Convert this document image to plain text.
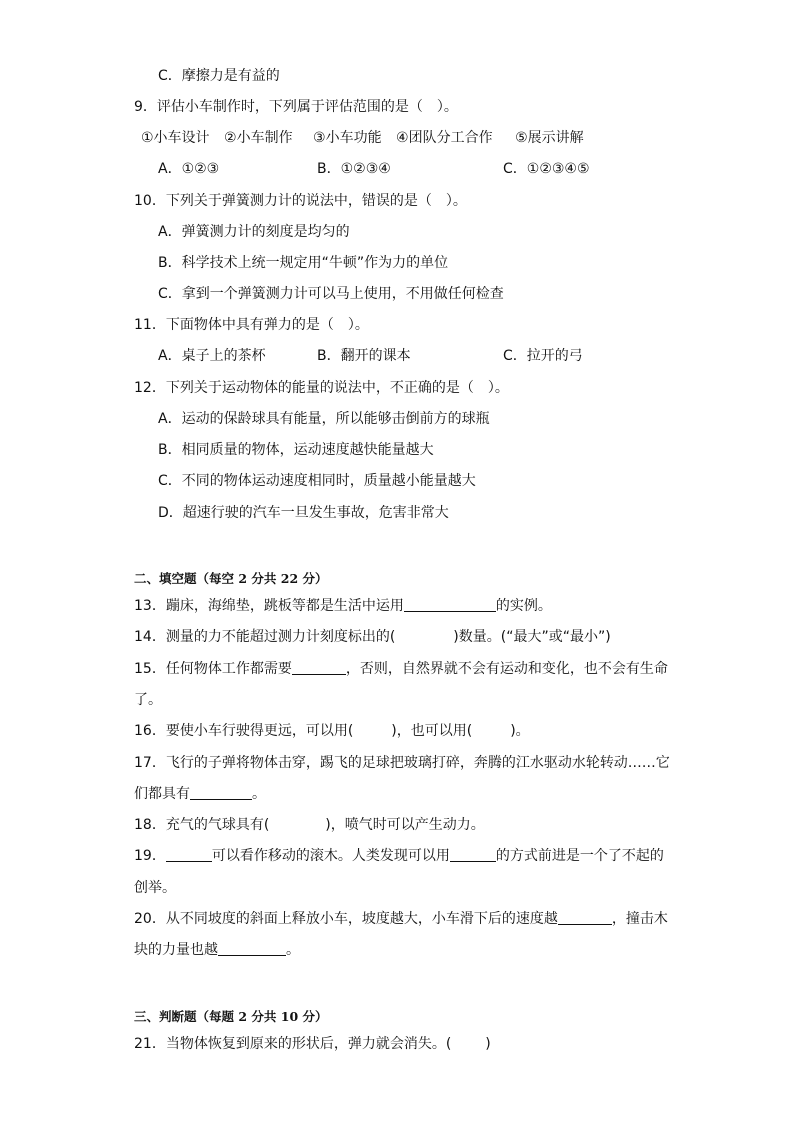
C．摩擦力是有益的
9．评估小车制作时，下列属于评估范围的是（　）。
①小车设计 ②小车制作 ③小车功能 ④团队分工合作 ⑤展示讲解
A．①②③	B．①②③④	C．①②③④⑤
10．下列关于弹簧测力计的说法中，错误的是（　）。
A．弹簧测力计的刻度是均匀的
B．科学技术上统一规定用“牛顿”作为力的单位
C．拿到一个弹簧测力计可以马上使用，不用做任何检查
11．下面物体中具有弹力的是（　）。
A．桌子上的茶杯	B．翻开的课本	C．拉开的弓
12．下列关于运动物体的能量的说法中，不正确的是（　）。
A．运动的保龄球具有能量，所以能够击倒前方的球瓶
B．相同质量的物体，运动速度越快能量越大
C．不同的物体运动速度相同时，质量越小能量越大
D．超速行驶的汽车一旦发生事故，危害非常大
二、填空题（每空 2 分共 22 分）
13．蹦床，海绵垫，跳板等都是生活中运用	的实例。
14．测量的力不能超过测力计刻度标出的(	)数量。(“最大”或“最小”)
15．任何物体工作都需要	，否则，自然界就不会有运动和变化，也不会有生命
了。
16．要使小车行驶得更远，可以用(	)，也可以用(	)。
17．飞行的子弹将物体击穿，踢飞的足球把玻璃打碎，奔腾的江水驱动水轮转动……它
们都具有	。
18．充气的气球具有(	)，喷气时可以产生动力。
19．	可以看作移动的滚木。人类发现可以用	的方式前进是一个了不起的
创举。
20．从不同坡度的斜面上释放小车，坡度越大，小车滑下后的速度越	，撞击木
块的力量也越	。
三、判断题（每题 2 分共 10 分）
21．当物体恢复到原来的形状后，弹力就会消失。( )
